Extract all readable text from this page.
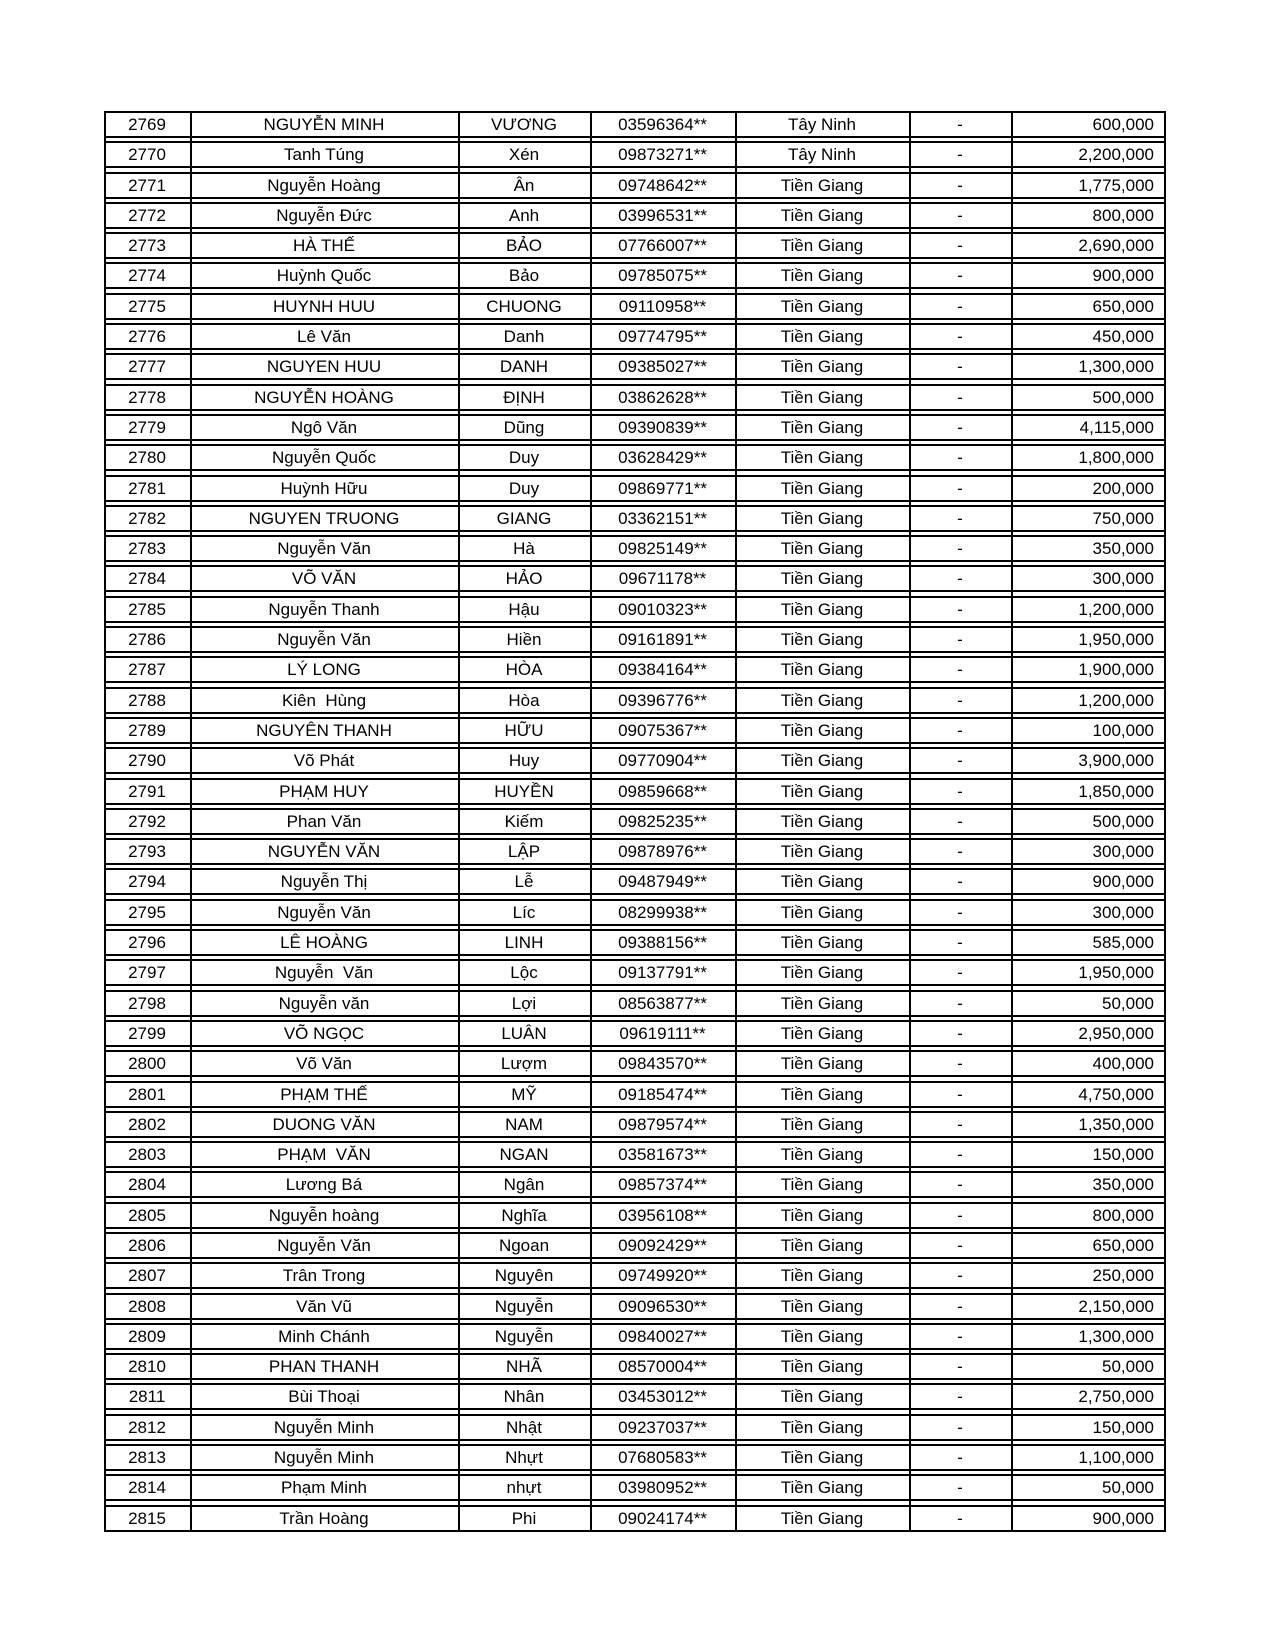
2769	NGUYỄN MINH	VƯƠNG	03596364**	Tây Ninh	-	600,000
2770	Tanh Túng	Xén	09873271**	Tây Ninh	-	2,200,000
2771	Nguyễn Hoàng	Ân	09748642**	Tiền Giang	-	1,775,000
2772	Nguyễn Đức	Anh	03996531**	Tiền Giang	-	800,000
2773	HÀ THẾ	BẢO	07766007**	Tiền Giang	-	2,690,000
2774	Huỳnh Quốc	Bảo	09785075**	Tiền Giang	-	900,000
2775	HUYNH HUU	CHUONG	09110958**	Tiền Giang	-	650,000
2776	Lê Văn	Danh	09774795**	Tiền Giang	-	450,000
2777	NGUYEN HUU	DANH	09385027**	Tiền Giang	-	1,300,000
2778	NGUYỄN HOÀNG	ĐỊNH	03862628**	Tiền Giang	-	500,000
2779	Ngô Văn	Dũng	09390839**	Tiền Giang	-	4,115,000
2780	Nguyễn Quốc	Duy	03628429**	Tiền Giang	-	1,800,000
2781	Huỳnh Hữu	Duy	09869771**	Tiền Giang	-	200,000
2782	NGUYEN TRUONG	GIANG	03362151**	Tiền Giang	-	750,000
2783	Nguyễn Văn	Hà	09825149**	Tiền Giang	-	350,000
2784	VÕ VĂN	HẢO	09671178**	Tiền Giang	-	300,000
2785	Nguyễn Thanh	Hậu	09010323**	Tiền Giang	-	1,200,000
2786	Nguyễn Văn	Hiền	09161891**	Tiền Giang	-	1,950,000
2787	LÝ LONG	HÒA	09384164**	Tiền Giang	-	1,900,000
2788	Kiên  Hùng	Hòa	09396776**	Tiền Giang	-	1,200,000
2789	NGUYÊN THANH	HỮU	09075367**	Tiền Giang	-	100,000
2790	Võ Phát	Huy	09770904**	Tiền Giang	-	3,900,000
2791	PHẠM HUY	HUYỀN	09859668**	Tiền Giang	-	1,850,000
2792	Phan Văn	Kiếm	09825235**	Tiền Giang	-	500,000
2793	NGUYỄN VĂN	LẬP	09878976**	Tiền Giang	-	300,000
2794	Nguyễn Thị	Lễ	09487949**	Tiền Giang	-	900,000
2795	Nguyễn Văn	Líc	08299938**	Tiền Giang	-	300,000
2796	LÊ HOÀNG	LINH	09388156**	Tiền Giang	-	585,000
2797	Nguyễn  Văn	Lộc	09137791**	Tiền Giang	-	1,950,000
2798	Nguyễn văn	Lợi	08563877**	Tiền Giang	-	50,000
2799	VÕ NGỌC	LUÂN	09619111**	Tiền Giang	-	2,950,000
2800	Võ Văn	Lượm	09843570**	Tiền Giang	-	400,000
2801	PHẠM THẾ	MỸ	09185474**	Tiền Giang	-	4,750,000
2802	DUONG VĂN	NAM	09879574**	Tiền Giang	-	1,350,000
2803	PHẠM  VĂN	NGAN	03581673**	Tiền Giang	-	150,000
2804	Lương Bá	Ngân	09857374**	Tiền Giang	-	350,000
2805	Nguyễn hoàng	Nghĩa	03956108**	Tiền Giang	-	800,000
2806	Nguyễn Văn	Ngoan	09092429**	Tiền Giang	-	650,000
2807	Trân Trong	Nguyên	09749920**	Tiền Giang	-	250,000
2808	Văn Vũ	Nguyễn	09096530**	Tiền Giang	-	2,150,000
2809	Minh Chánh	Nguyễn	09840027**	Tiền Giang	-	1,300,000
2810	PHAN THANH	NHÃ	08570004**	Tiền Giang	-	50,000
2811	Bùi Thoại	Nhân	03453012**	Tiền Giang	-	2,750,000
2812	Nguyễn Minh	Nhật	09237037**	Tiền Giang	-	150,000
2813	Nguyễn Minh	Nhựt	07680583**	Tiền Giang	-	1,100,000
2814	Phạm Minh	nhựt	03980952**	Tiền Giang	-	50,000
2815	Trần Hoàng	Phi	09024174**	Tiền Giang	-	900,000
